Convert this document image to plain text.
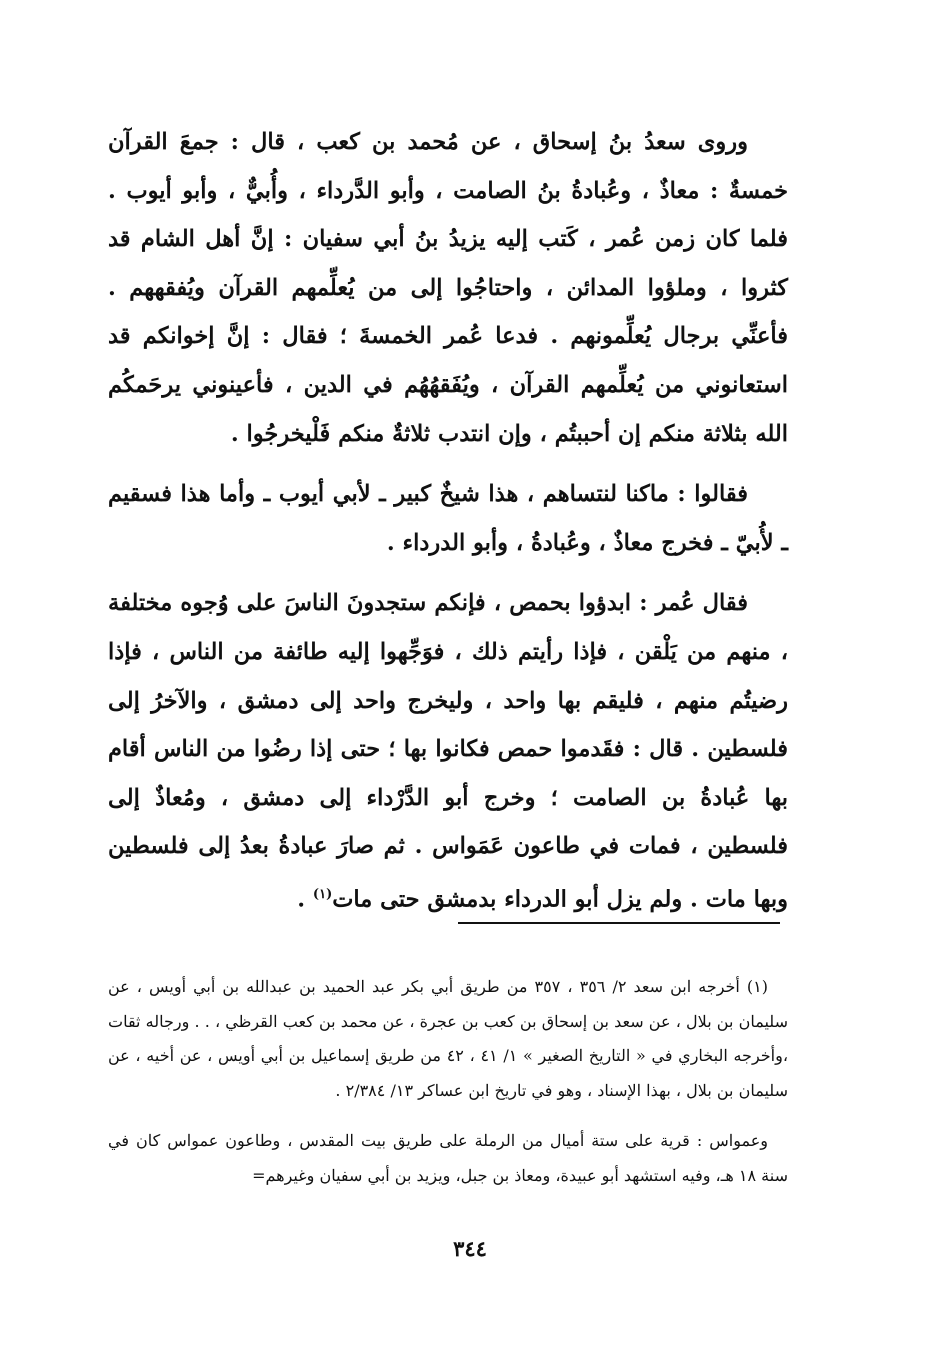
وروى سعدُ بنُ إسحاق ، عن مُحمد بن كعب ، قال : جمعَ القرآن خمسةٌ : معاذٌ ، وعُبادةُ بنُ الصامت ، وأبو الدَّرداء ، وأُبيٌّ ، وأبو أيوب . فلما كان زمن عُمر ، كَتب إليه يزيدُ بنُ أبي سفيان : إنَّ أهل الشام قد كثروا ، وملؤوا المدائن ، واحتاجُوا إلى من يُعلِّمهم القرآن ويُفقههم . فأعنِّي برجال يُعلِّمونهم . فدعا عُمر الخمسةَ ؛ فقال : إنَّ إخوانكم قد استعانوني من يُعلِّمهم القرآن ، ويُفَقهُهُم في الدين ، فأعينوني يرحَمكُم الله بثلاثة منكم إن أحببتُم ، وإن انتدب ثلاثةٌ منكم فَلْيخرجُوا .

فقالوا : ماكنا لنتساهم ، هذا شيخٌ كبير ـ لأبي أيوب ـ وأما هذا فسقيم ـ لأُبيّ ـ فخرج معاذٌ ، وعُبادةُ ، وأبو الدرداء .

فقال عُمر : ابدؤوا بحمص ، فإنكم ستجدونَ الناسَ على وُجوه مختلفة ، منهم من يَلْقن ، فإذا رأيتم ذلك ، فوَجِّهوا إليه طائفة من الناس ، فإذا رضيتُم منهم ، فليقم بها واحد ، وليخرج واحد إلى دمشق ، والآخرُ إلى فلسطين . قال : فقَدموا حمص فكانوا بها ؛ حتى إذا رضُوا من الناس أقام بها عُبادةُ بن الصامت ؛ وخرج أبو الدَّرْداء إلى دمشق ، ومُعاذٌ إلى فلسطين ، فمات في طاعون عَمَواس . ثم صارَ عبادةُ بعدُ إلى فلسطين وبها مات . ولم يزل أبو الدرداء بدمشق حتى مات$^{(١)}$ .

(١) أخرجه ابن سعد ٢/ ٣٥٦ ، ٣٥٧ من طريق أبي بكر عبد الحميد بن عبدالله بن أبي أويس ، عن سليمان بن بلال ، عن سعد بن إسحاق بن كعب بن عجرة ، عن محمد بن كعب القرظي ، . . ورجاله ثقات ،وأخرجه البخاري في « التاريخ الصغير » ١/ ٤١ ، ٤٢ من طريق إسماعيل بن أبي أويس ، عن أخيه ، عن سليمان بن بلال ، بهذا الإسناد ، وهو في تاريخ ابن عساكر ١٣/ ٢/٣٨٤ .

وعمواس : قرية على ستة أميال من الرملة على طريق بيت المقدس ، وطاعون عمواس كان في سنة ١٨ هـ، وفيه استشهد أبو عبيدة، ومعاذ بن جبل، ويزيد بن أبي سفيان وغيرهم=

٣٤٤
